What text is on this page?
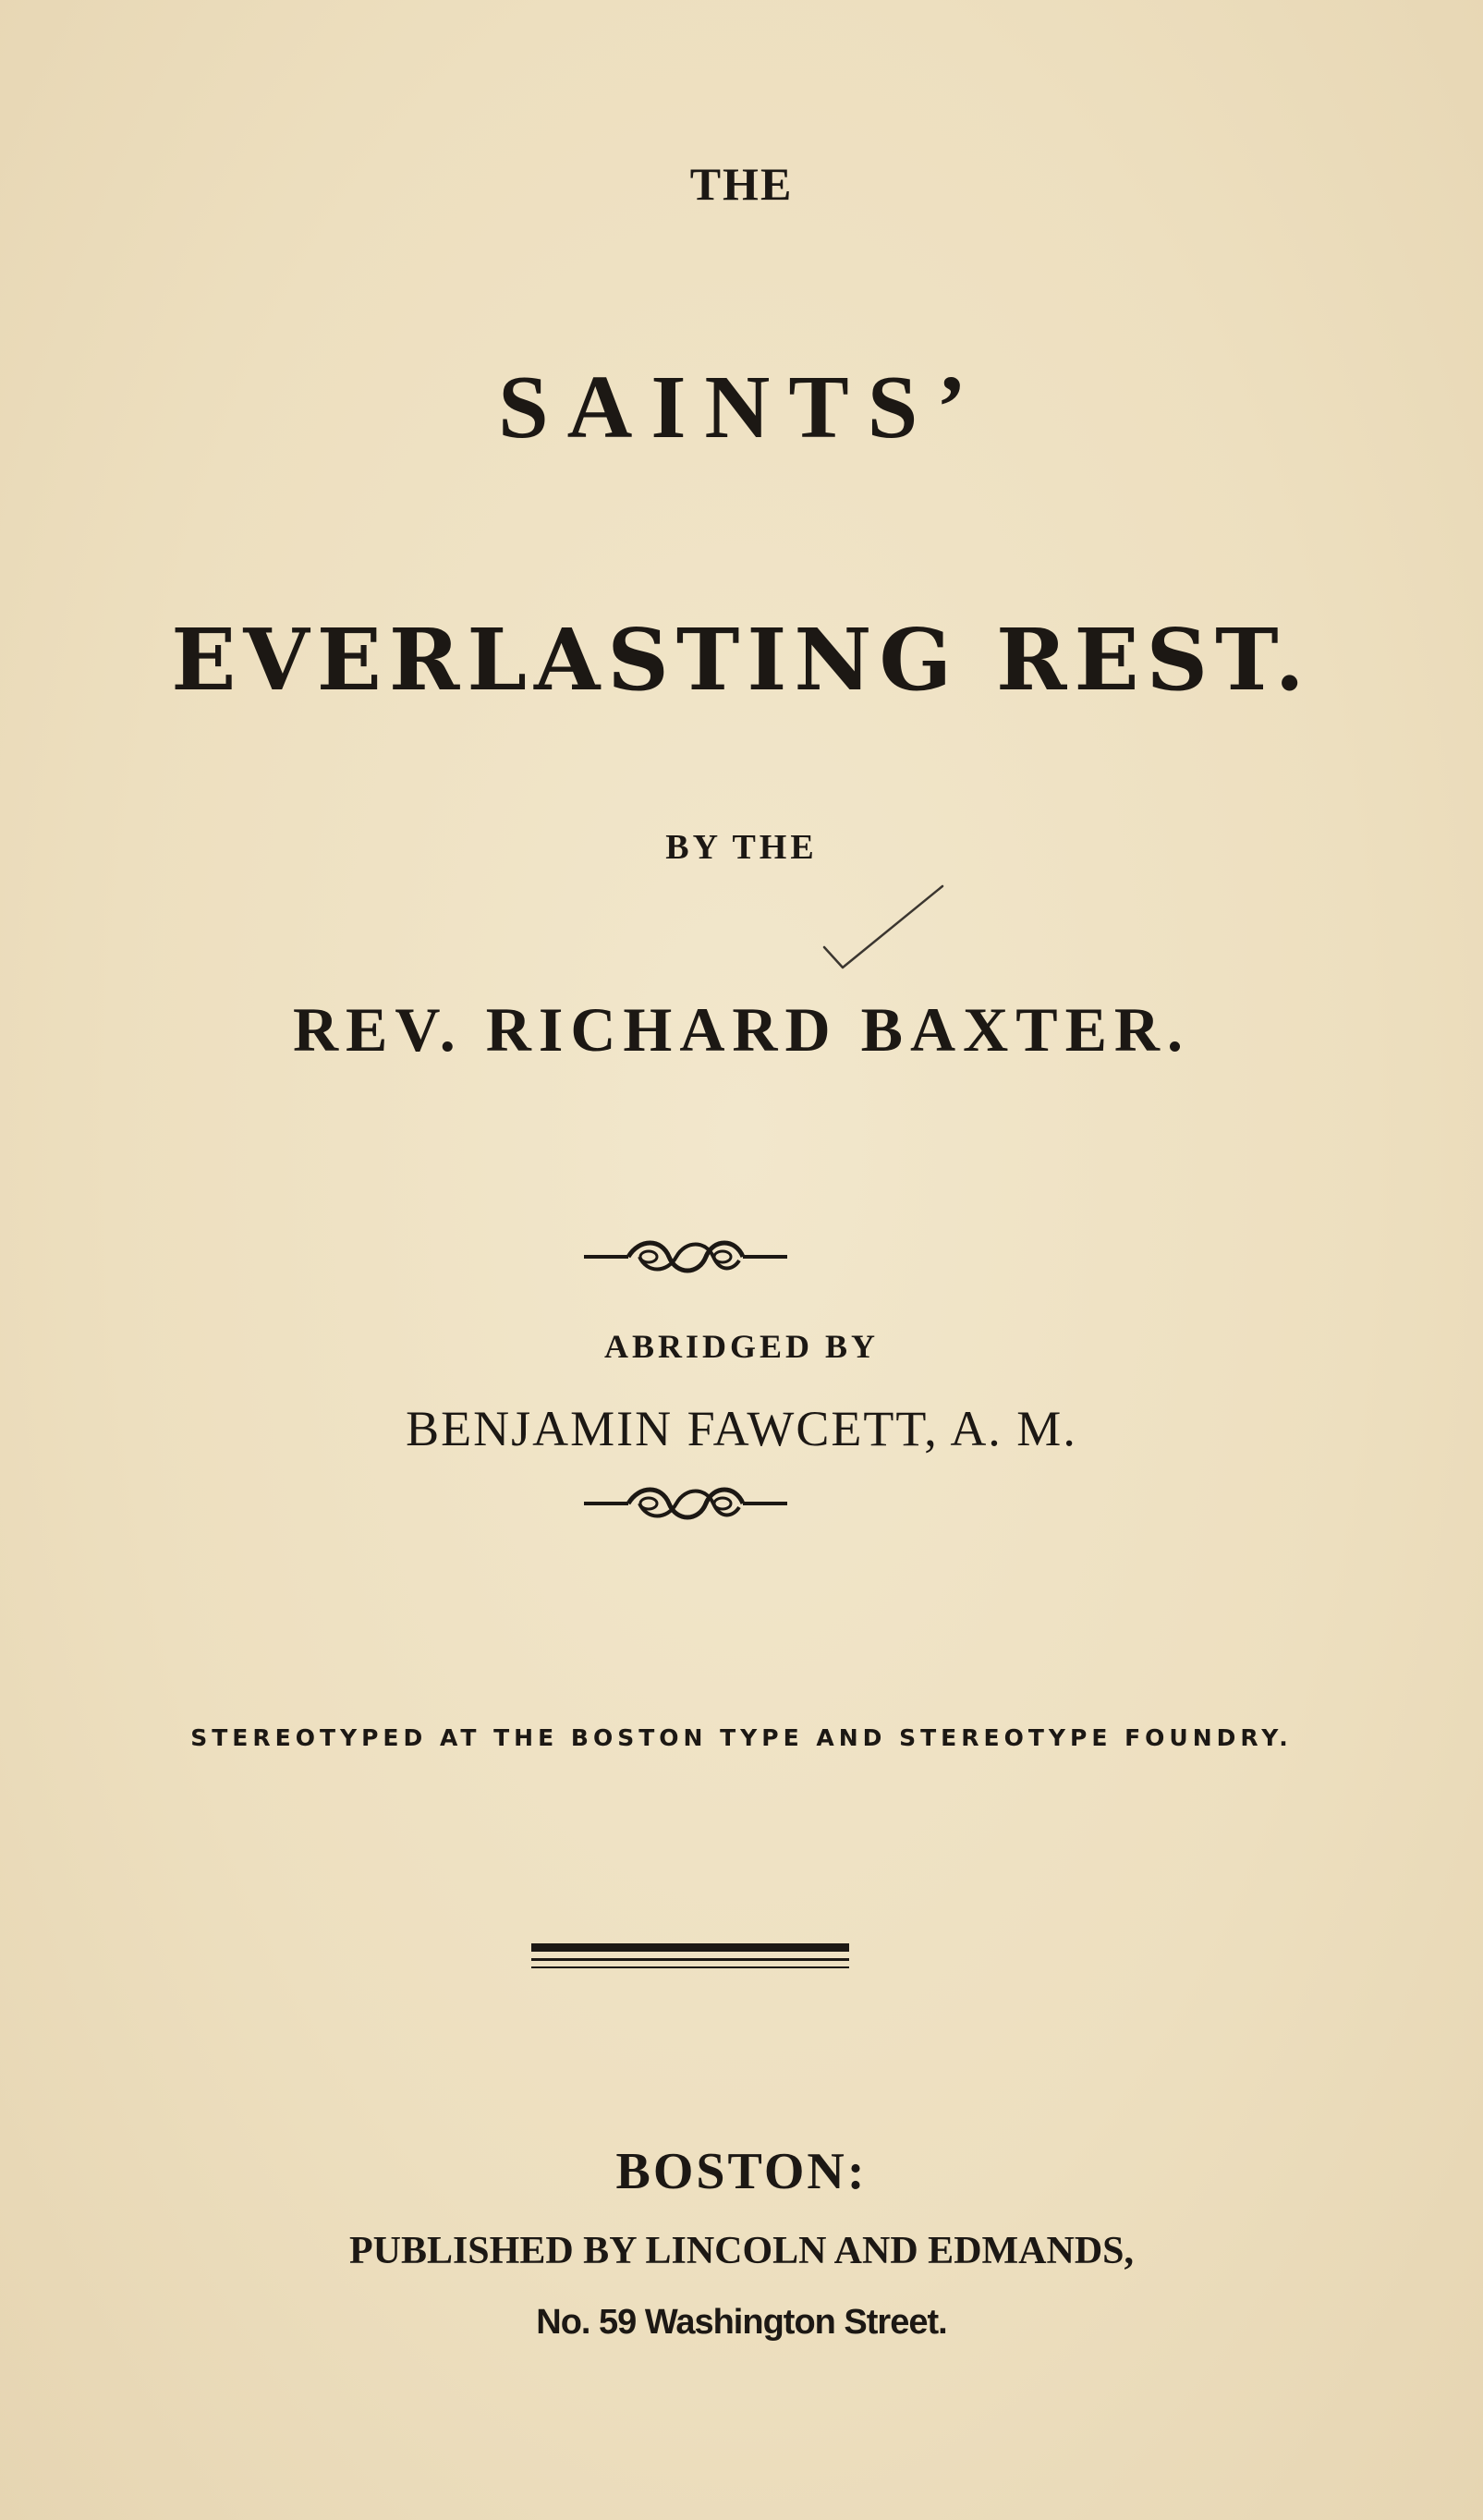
THE
SAINTS’
EVERLASTING REST.
BY THE
REV. RICHARD BAXTER.
ABRIDGED BY
BENJAMIN FAWCETT, A. M.
STEREOTYPED AT THE BOSTON TYPE AND STEREOTYPE FOUNDRY.
BOSTON:
PUBLISHED BY LINCOLN AND EDMANDS,
No. 59 Washington Street.
